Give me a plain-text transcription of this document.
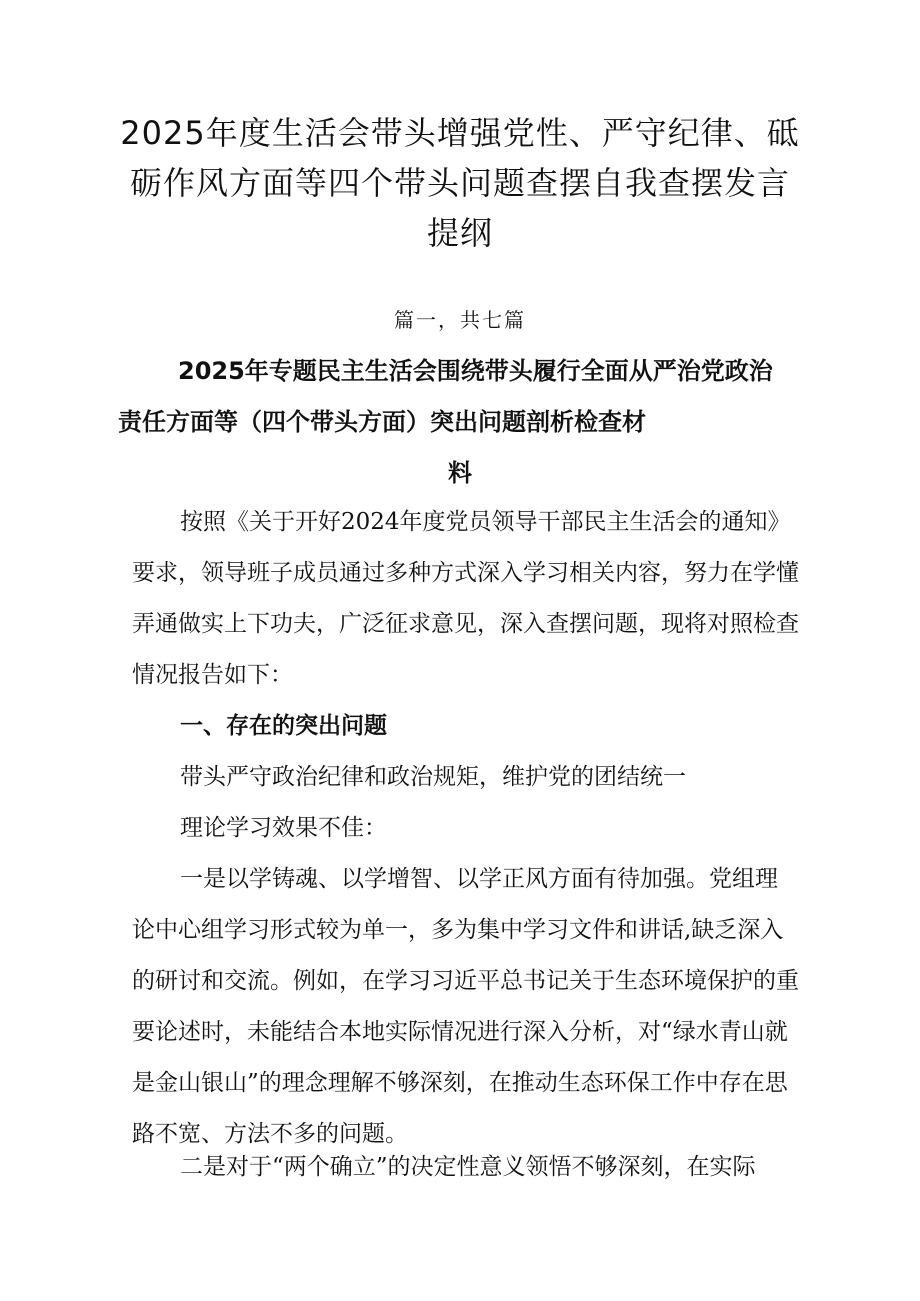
2025年度生活会带头增强党性、严守纪律、砥砺作风方面等四个带头问题查摆自我查摆发言提纲
篇一，共七篇
2025年专题民主生活会围绕带头履行全面从严治党政治
责任方面等（四个带头方面）突出问题剖析检查材
料

按照《关于开好2024年度党员领导干部民主生活会的通知》要求，领导班子成员通过多种方式深入学习相关内容，努力在学懂弄通做实上下功夫，广泛征求意见，深入查摆问题，现将对照检查情况报告如下：

一、存在的突出问题

带头严守政治纪律和政治规矩，维护党的团结统一

理论学习效果不佳：

一是以学铸魂、以学增智、以学正风方面有待加强。党组理论中心组学习形式较为单一，多为集中学习文件和讲话,缺乏深入的研讨和交流。例如，在学习习近平总书记关于生态环境保护的重要论述时，未能结合本地实际情况进行深入分析，对“绿水青山就是金山银山”的理念理解不够深刻，在推动生态环保工作中存在思路不宽、方法不多的问题。

二是对于“两个确立”的决定性意义领悟不够深刻，在实际
